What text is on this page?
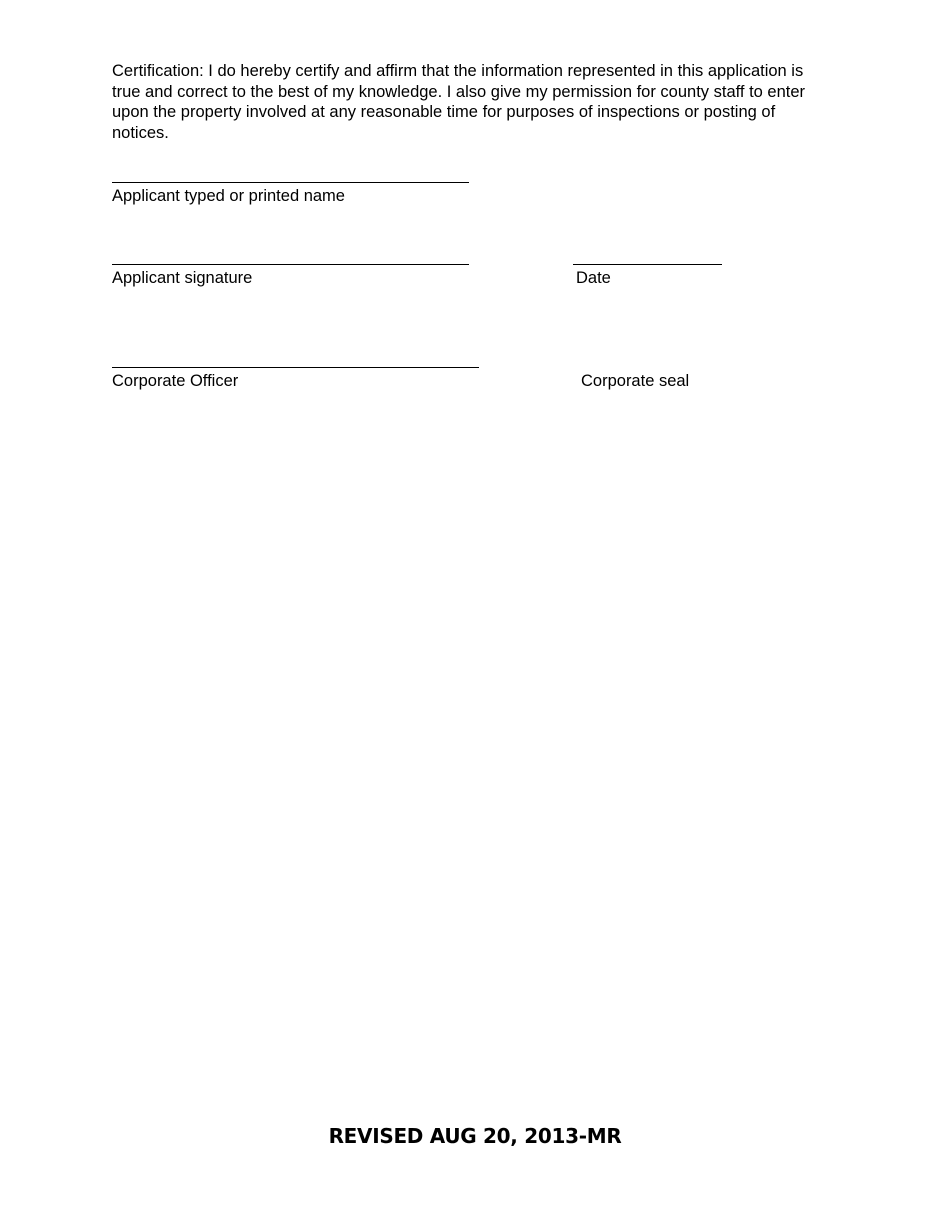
Certification: I do hereby certify and affirm that the information represented in this application is true and correct to the best of my knowledge. I also give my permission for county staff to enter upon the property involved at any reasonable time for purposes of inspections or posting of notices.

Applicant typed or printed name
Applicant signature	Date
Corporate Officer	Corporate seal
REVISED AUG 20, 2013-MR
